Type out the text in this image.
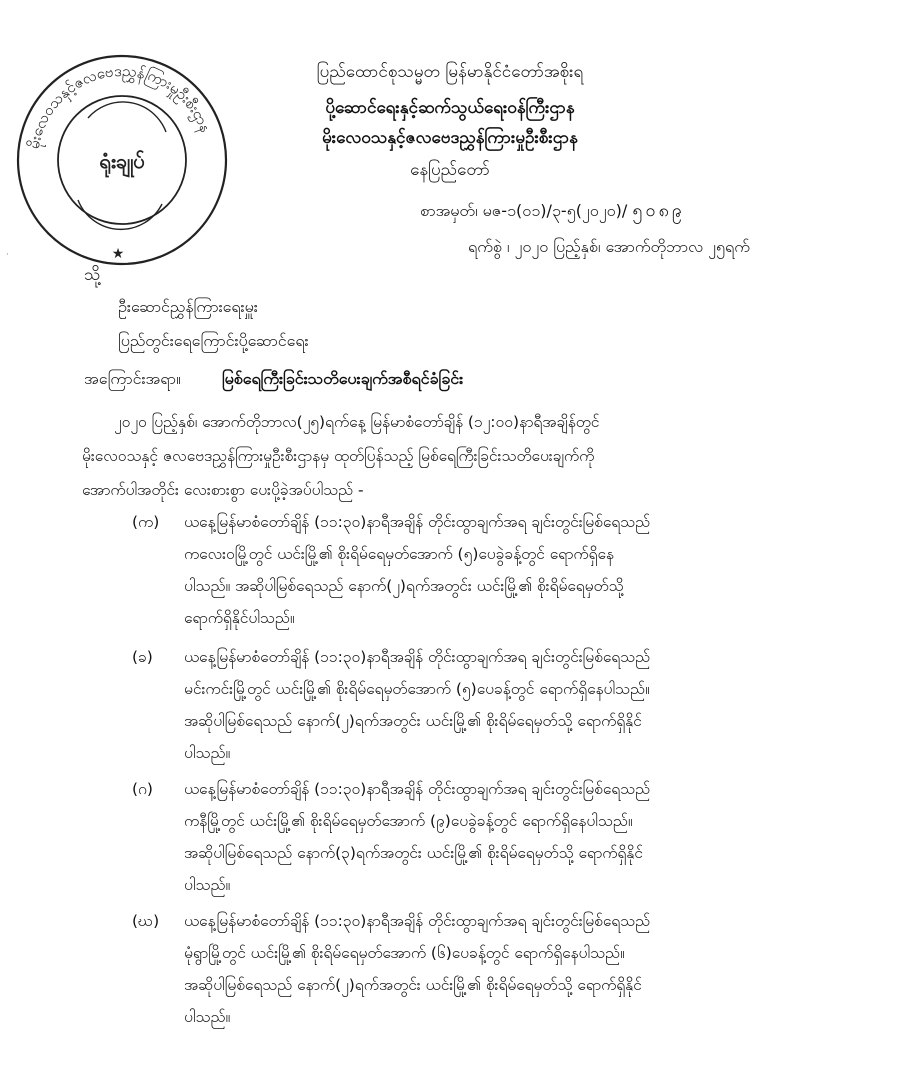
မိုးလေဝသနှင့်ဇလဗေဒညွှန်ကြားမှုဦးစီးဌာန
ရုံးချုပ်
★
·
ပြည်ထောင်စုသမ္မတ မြန်မာနိုင်ငံတော်အစိုးရ
ပို့ဆောင်ရေးနှင့်ဆက်သွယ်ရေးဝန်ကြီးဌာန
မိုးလေဝသနှင့်ဇလဗေဒညွှန်ကြားမှုဦးစီးဌာန
နေပြည်တော်
စာအမှတ်၊ မဇ-၁(၀၁)/၃-၅(၂၀၂၀)/ ၅၀၈၉
ရက်စွဲ ၊ ၂၀၂၀ ပြည့်နှစ်၊ အောက်တိုဘာလ ၂၅ရက်
သို့
ဦးဆောင်ညွှန်ကြားရေးမှူး
ပြည်တွင်းရေကြောင်းပို့ဆောင်ရေး
အကြောင်းအရာ။	မြစ်ရေကြီးခြင်းသတိပေးချက်အစီရင်ခံခြင်း
၂၀၂၀ ပြည့်နှစ်၊ အောက်တိုဘာလ(၂၅)ရက်နေ့ မြန်မာစံတော်ချိန် (၁၂:၀၀)နာရီအချိန်တွင်
မိုးလေဝသနှင့် ဇလဗေဒညွှန်ကြားမှုဦးစီးဌာနမှ ထုတ်ပြန်သည့် မြစ်ရေကြီးခြင်းသတိပေးချက်ကို
အောက်ပါအတိုင်း လေးစားစွာ ပေးပို့ခဲ့အပ်ပါသည် -
(က)	ယနေ့မြန်မာစံတော်ချိန် (၁၁:၃၀)နာရီအချိန် တိုင်းထွာချက်အရ ချင်းတွင်းမြစ်ရေသည်
ကလေးဝမြို့တွင် ယင်းမြို့၏ စိုးရိမ်ရေမှတ်အောက် (၅)ပေခွဲခန့်တွင် ရောက်ရှိနေ
ပါသည်။ အဆိုပါမြစ်ရေသည် နောက်(၂)ရက်အတွင်း ယင်းမြို့၏ စိုးရိမ်ရေမှတ်သို့
ရောက်ရှိနိုင်ပါသည်။
(ခ)	ယနေ့မြန်မာစံတော်ချိန် (၁၁:၃၀)နာရီအချိန် တိုင်းထွာချက်အရ ချင်းတွင်းမြစ်ရေသည်
မင်းကင်းမြို့တွင် ယင်းမြို့၏ စိုးရိမ်ရေမှတ်အောက် (၅)ပေခန့်တွင် ရောက်ရှိနေပါသည်။
အဆိုပါမြစ်ရေသည် နောက်(၂)ရက်အတွင်း ယင်းမြို့၏ စိုးရိမ်ရေမှတ်သို့ ရောက်ရှိနိုင်
ပါသည်။
(ဂ)	ယနေ့မြန်မာစံတော်ချိန် (၁၁:၃၀)နာရီအချိန် တိုင်းထွာချက်အရ ချင်းတွင်းမြစ်ရေသည်
ကနီမြို့တွင် ယင်းမြို့၏ စိုးရိမ်ရေမှတ်အောက် (၉)ပေခွဲခန့်တွင် ရောက်ရှိနေပါသည်။
အဆိုပါမြစ်ရေသည် နောက်(၃)ရက်အတွင်း ယင်းမြို့၏ စိုးရိမ်ရေမှတ်သို့ ရောက်ရှိနိုင်
ပါသည်။
(ဃ)	ယနေ့မြန်မာစံတော်ချိန် (၁၁:၃၀)နာရီအချိန် တိုင်းထွာချက်အရ ချင်းတွင်းမြစ်ရေသည်
မုံရွာမြို့တွင် ယင်းမြို့၏ စိုးရိမ်ရေမှတ်အောက် (၆)ပေခန့်တွင် ရောက်ရှိနေပါသည်။
အဆိုပါမြစ်ရေသည် နောက်(၂)ရက်အတွင်း ယင်းမြို့၏ စိုးရိမ်ရေမှတ်သို့ ရောက်ရှိနိုင်
ပါသည်။
